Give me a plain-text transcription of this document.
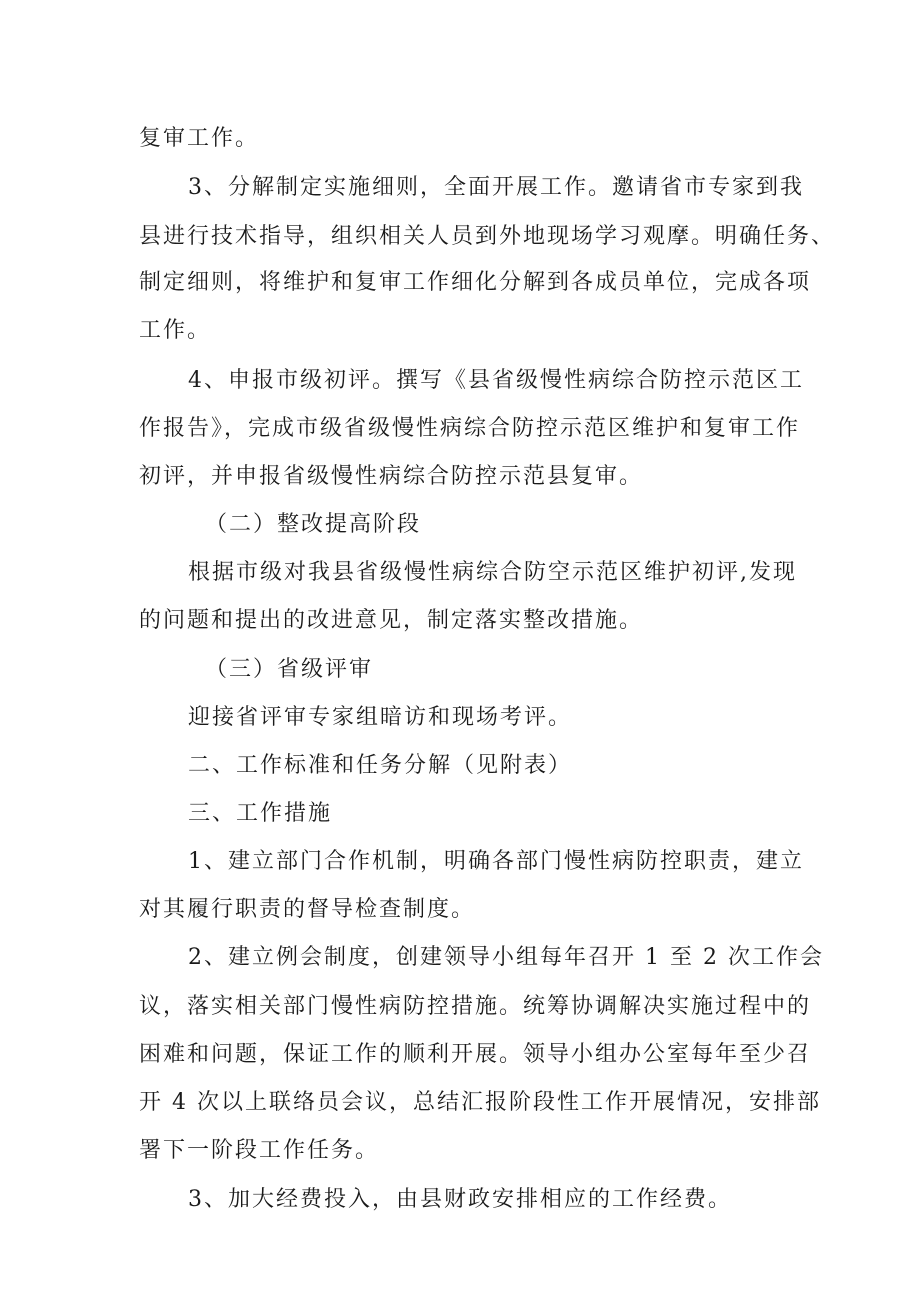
复审工作。
3、分解制定实施细则，全面开展工作。邀请省市专家到我
县进行技术指导，组织相关人员到外地现场学习观摩。明确任务、
制定细则，将维护和复审工作细化分解到各成员单位，完成各项
工作。
4、申报市级初评。撰写《县省级慢性病综合防控示范区工
作报告》，完成市级省级慢性病综合防控示范区维护和复审工作
初评，并申报省级慢性病综合防控示范县复审。
（二）整改提高阶段
根据市级对我县省级慢性病综合防空示范区维护初评,发现
的问题和提出的改进意见，制定落实整改措施。
（三）省级评审
迎接省评审专家组暗访和现场考评。
二、工作标准和任务分解（见附表）
三、工作措施
1、建立部门合作机制，明确各部门慢性病防控职责，建立
对其履行职责的督导检查制度。
2、建立例会制度，创建领导小组每年召开 1 至 2 次工作会
议，落实相关部门慢性病防控措施。统筹协调解决实施过程中的
困难和问题，保证工作的顺利开展。领导小组办公室每年至少召
开 4 次以上联络员会议，总结汇报阶段性工作开展情况，安排部
署下一阶段工作任务。
3、加大经费投入，由县财政安排相应的工作经费。
